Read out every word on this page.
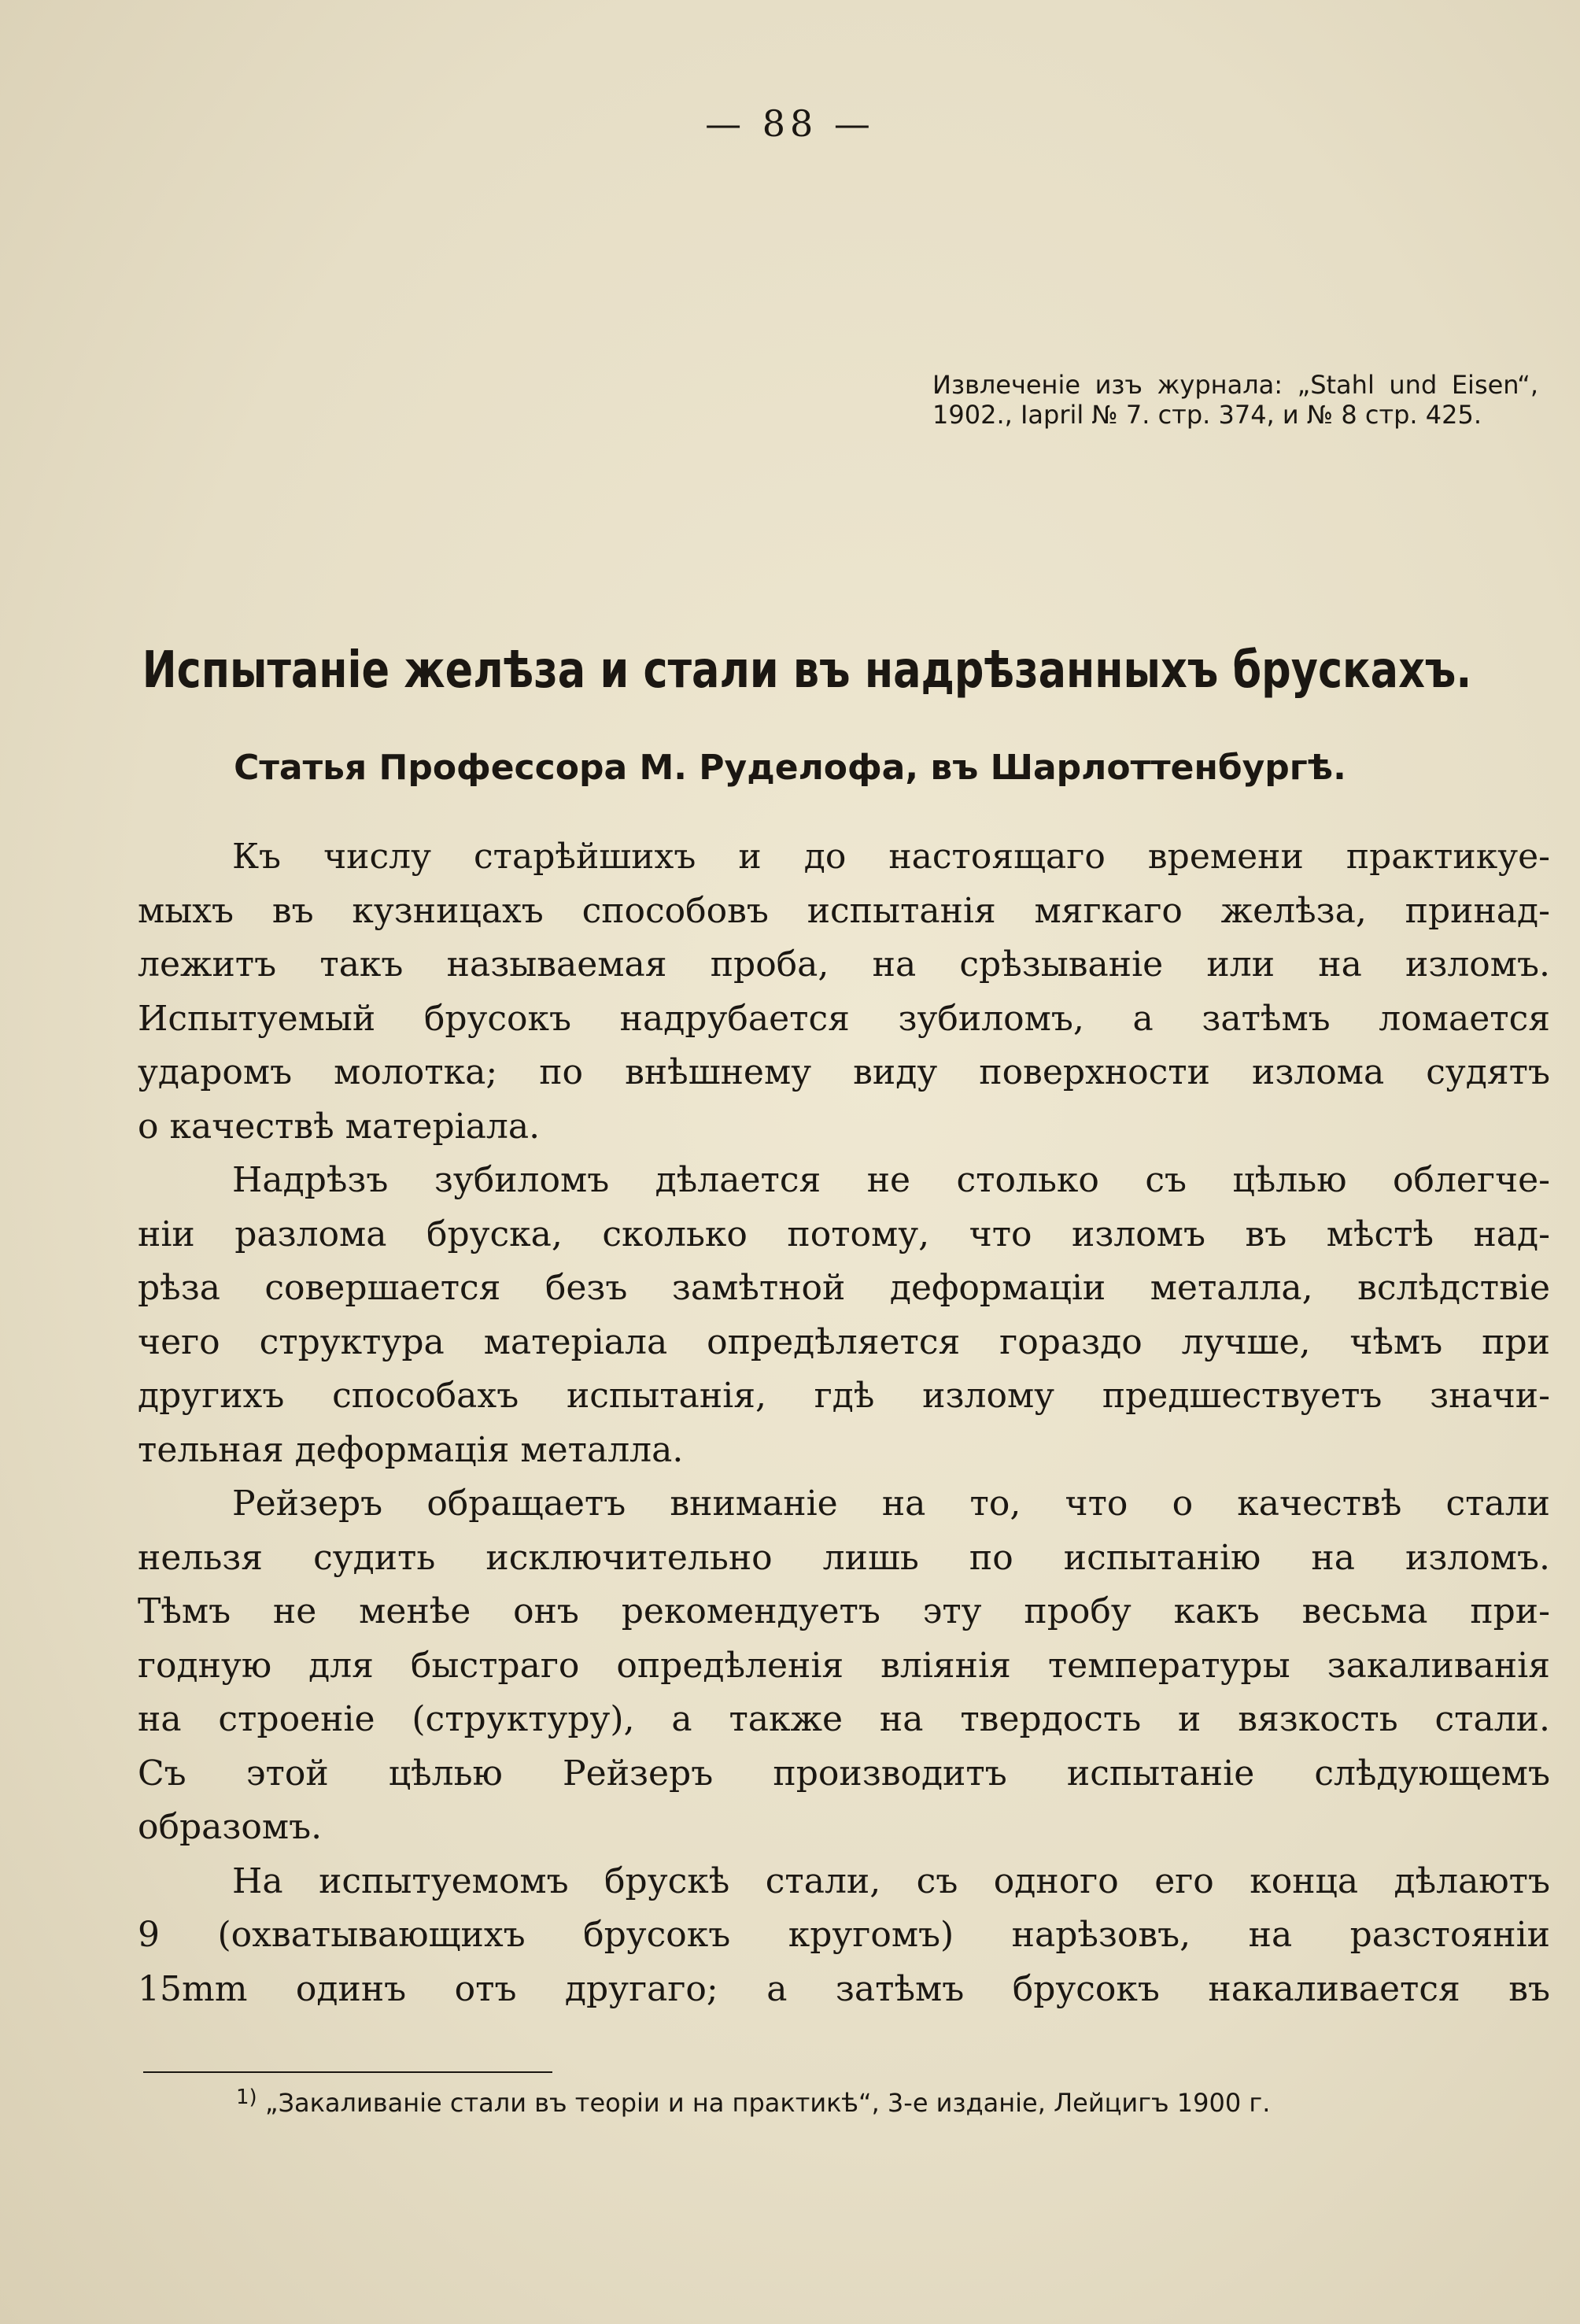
— 88 —
Извлеченіе изъ журнала: „Stahl und Eisen“, 1902., Іapril № 7. стр. 374, и № 8 стр. 425.
Испытаніе желѣза и стали въ надрѣзанныхъ брускахъ.
Статья Профессора М. Руделофа, въ Шарлоттенбургѣ.
Къ числу старѣйшихъ и до настоящаго времени практикуе-
мыхъ въ кузницахъ способовъ испытанія мягкаго желѣза, принад-
лежитъ такъ называемая проба, на срѣзываніе или на изломъ.
Испытуемый брусокъ надрубается зубиломъ, а затѣмъ ломается
ударомъ молотка; по внѣшнему виду поверхности излома судятъ
о качествѣ матеріала.
Надрѣзъ зубиломъ дѣлается не столько съ цѣлью облегче-
ніи разлома бруска, сколько потому, что изломъ въ мѣстѣ над-
рѣза совершается безъ замѣтной деформаціи металла, вслѣдствіе
чего структура матеріала опредѣляется гораздо лучше, чѣмъ при
другихъ способахъ испытанія, гдѣ излому предшествуетъ значи-
тельная деформація металла.
Рейзеръ обращаетъ вниманіе на то, что о качествѣ стали
нельзя судить исключительно лишь по испытанію на изломъ.
Тѣмъ не менѣе онъ рекомендуетъ эту пробу какъ весьма при-
годную для быстраго опредѣленія вліянія температуры закаливанія
на строеніе (структуру), а также на твердость и вязкость стали.
Съ этой цѣлью Рейзеръ производитъ испытаніе слѣдующемъ
образомъ.
На испытуемомъ брускѣ стали, съ одного его конца дѣлаютъ
9 (охватывающихъ брусокъ кругомъ) нарѣзовъ, на разстояніи
15mm одинъ отъ другаго; а затѣмъ брусокъ накаливается въ
$^{1)}$ „Закаливаніе стали въ теоріи и на практикѣ“, 3-е изданіе, Лейцигъ 1900 г.
